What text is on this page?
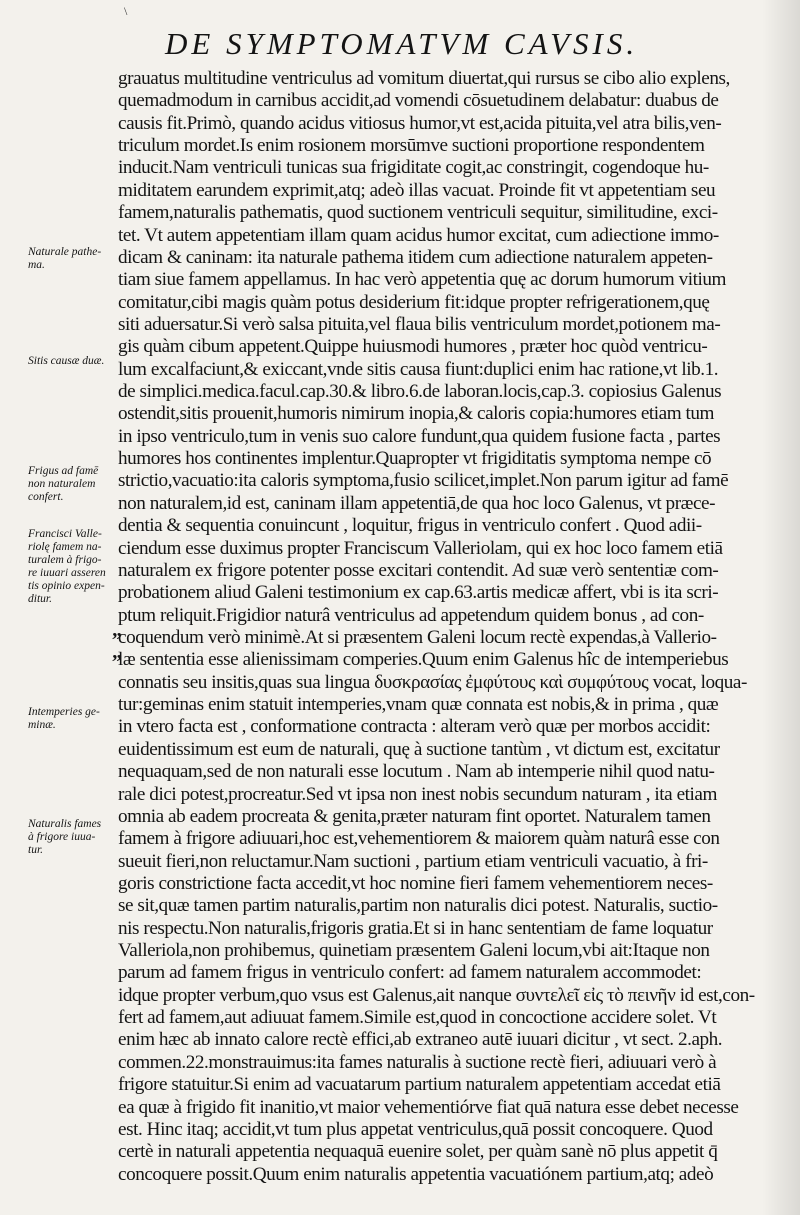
\
DE SYMPTOMATVM CAVSIS.
grauatus multitudine ventriculus ad vomitum diuertat,qui rursus se cibo alio explens,
quemadmodum in carnibus accidit,ad vomendi cōsuetudinem delabatur: duabus de
causis fit.Primò, quando acidus vitiosus humor,vt est,acida pituita,vel atra bilis,ven-
triculum mordet.Is enim rosionem morsūmve suctioni proportione respondentem
inducit.Nam ventriculi tunicas sua frigiditate cogit,ac constringit, cogendoque hu-
miditatem earundem exprimit,atq; adeò illas vacuat. Proinde fit vt appetentiam seu
famem,naturalis pathematis, quod suctionem ventriculi sequitur, similitudine, exci-
tet. Vt autem appetentiam illam quam acidus humor excitat, cum adiectione immo-
dicam & caninam: ita naturale pathema itidem cum adiectione naturalem appeten-
tiam siue famem appellamus. In hac verò appetentia quę ac dorum humorum vitium
comitatur,cibi magis quàm potus desiderium fit:idque propter refrigerationem,quę
siti aduersatur.Si verò salsa pituita,vel flaua bilis ventriculum mordet,potionem ma-
gis quàm cibum appetent.Quippe huiusmodi humores , præter hoc quòd ventricu-
lum excalfaciunt,& exiccant,vnde sitis causa fiunt:duplici enim hac ratione,vt lib.1.
de simplici.medica.facul.cap.30.& libro.6.de laboran.locis,cap.3. copiosius Galenus
ostendit,sitis prouenit,humoris nimirum inopia,& caloris copia:humores etiam tum
in ipso ventriculo,tum in venis suo calore fundunt,qua quidem fusione facta , partes
humores hos continentes implentur.Quapropter vt frigiditatis symptoma nempe cō
strictio,vacuatio:ita caloris symptoma,fusio scilicet,implet.Non parum igitur ad famē
non naturalem,id est, caninam illam appetentiā,de qua hoc loco Galenus, vt præce-
dentia & sequentia conuincunt , loquitur, frigus in ventriculo confert . Quod adii-
ciendum esse duximus propter Franciscum Valleriolam, qui ex hoc loco famem etiā
naturalem ex frigore potenter posse excitari contendit. Ad suæ verò sententiæ com-
probationem aliud Galeni testimonium ex cap.63.artis medicæ affert, vbi is ita scri-
ptum reliquit.Frigidior naturâ ventriculus ad appetendum quidem bonus , ad con-
coquendum verò minimè.At si præsentem Galeni locum rectè expendas,à Vallerio-
læ sententia esse alienissimam comperies.Quum enim Galenus hîc de intemperiebus
connatis seu insitis,quas sua lingua δυσκρασίας ἐμφύτους καὶ συμφύτους vocat, loqua-
tur:geminas enim statuit intemperies,vnam quæ connata est nobis,& in prima , quæ
in vtero facta est , conformatione contracta : alteram verò quæ per morbos accidit:
euidentissimum est eum de naturali, quę à suctione tantùm , vt dictum est, excitatur
nequaquam,sed de non naturali esse locutum . Nam ab intemperie nihil quod natu-
rale dici potest,procreatur.Sed vt ipsa non inest nobis secundum naturam , ita etiam
omnia ab eadem procreata & genita,præter naturam fint oportet. Naturalem tamen
famem à frigore adiuuari,hoc est,vehementiorem & maiorem quàm naturâ esse con
sueuit fieri,non reluctamur.Nam suctioni , partium etiam ventriculi vacuatio, à fri-
goris constrictione facta accedit,vt hoc nomine fieri famem vehementiorem neces-
se sit,quæ tamen partim naturalis,partim non naturalis dici potest. Naturalis, suctio-
nis respectu.Non naturalis,frigoris gratia.Et si in hanc sententiam de fame loquatur
Valleriola,non prohibemus, quinetiam præsentem Galeni locum,vbi ait:Itaque non
parum ad famem frigus in ventriculo confert: ad famem naturalem accommodet:
idque propter verbum,quo vsus est Galenus,ait nanque συντελεῖ εἰς τὸ πεινῆν id est,con-
fert ad famem,aut adiuuat famem.Simile est,quod in concoctione accidere solet. Vt
enim hæc ab innato calore rectè effici,ab extraneo autē iuuari dicitur , vt sect. 2.aph.
commen.22.monstrauimus:ita fames naturalis à suctione rectè fieri, adiuuari verò à
frigore statuitur.Si enim ad vacuatarum partium naturalem appetentiam accedat etiā
ea quæ à frigido fit inanitio,vt maior vehementiórve fiat quā natura esse debet necesse
est. Hinc itaq; accidit,vt tum plus appetat ventriculus,quā possit concoquere. Quod
certè in naturali appetentia nequaquā euenire solet, per quàm sanè nō plus appetit q̄
concoquere possit.Quum enim naturalis appetentia vacuatiónem partium,atq; adeò
Naturale pathe-
ma.
Sitis causæ duæ.
Frigus ad famē
non naturalem
confert.
Francisci Valle-
riolę famem na-
turalem à frigo-
re iuuari asseren
tis opinio expen-
ditur.
Intemperies ge-
minæ.
Naturalis fames
à frigore iuua-
tur.
„
„
